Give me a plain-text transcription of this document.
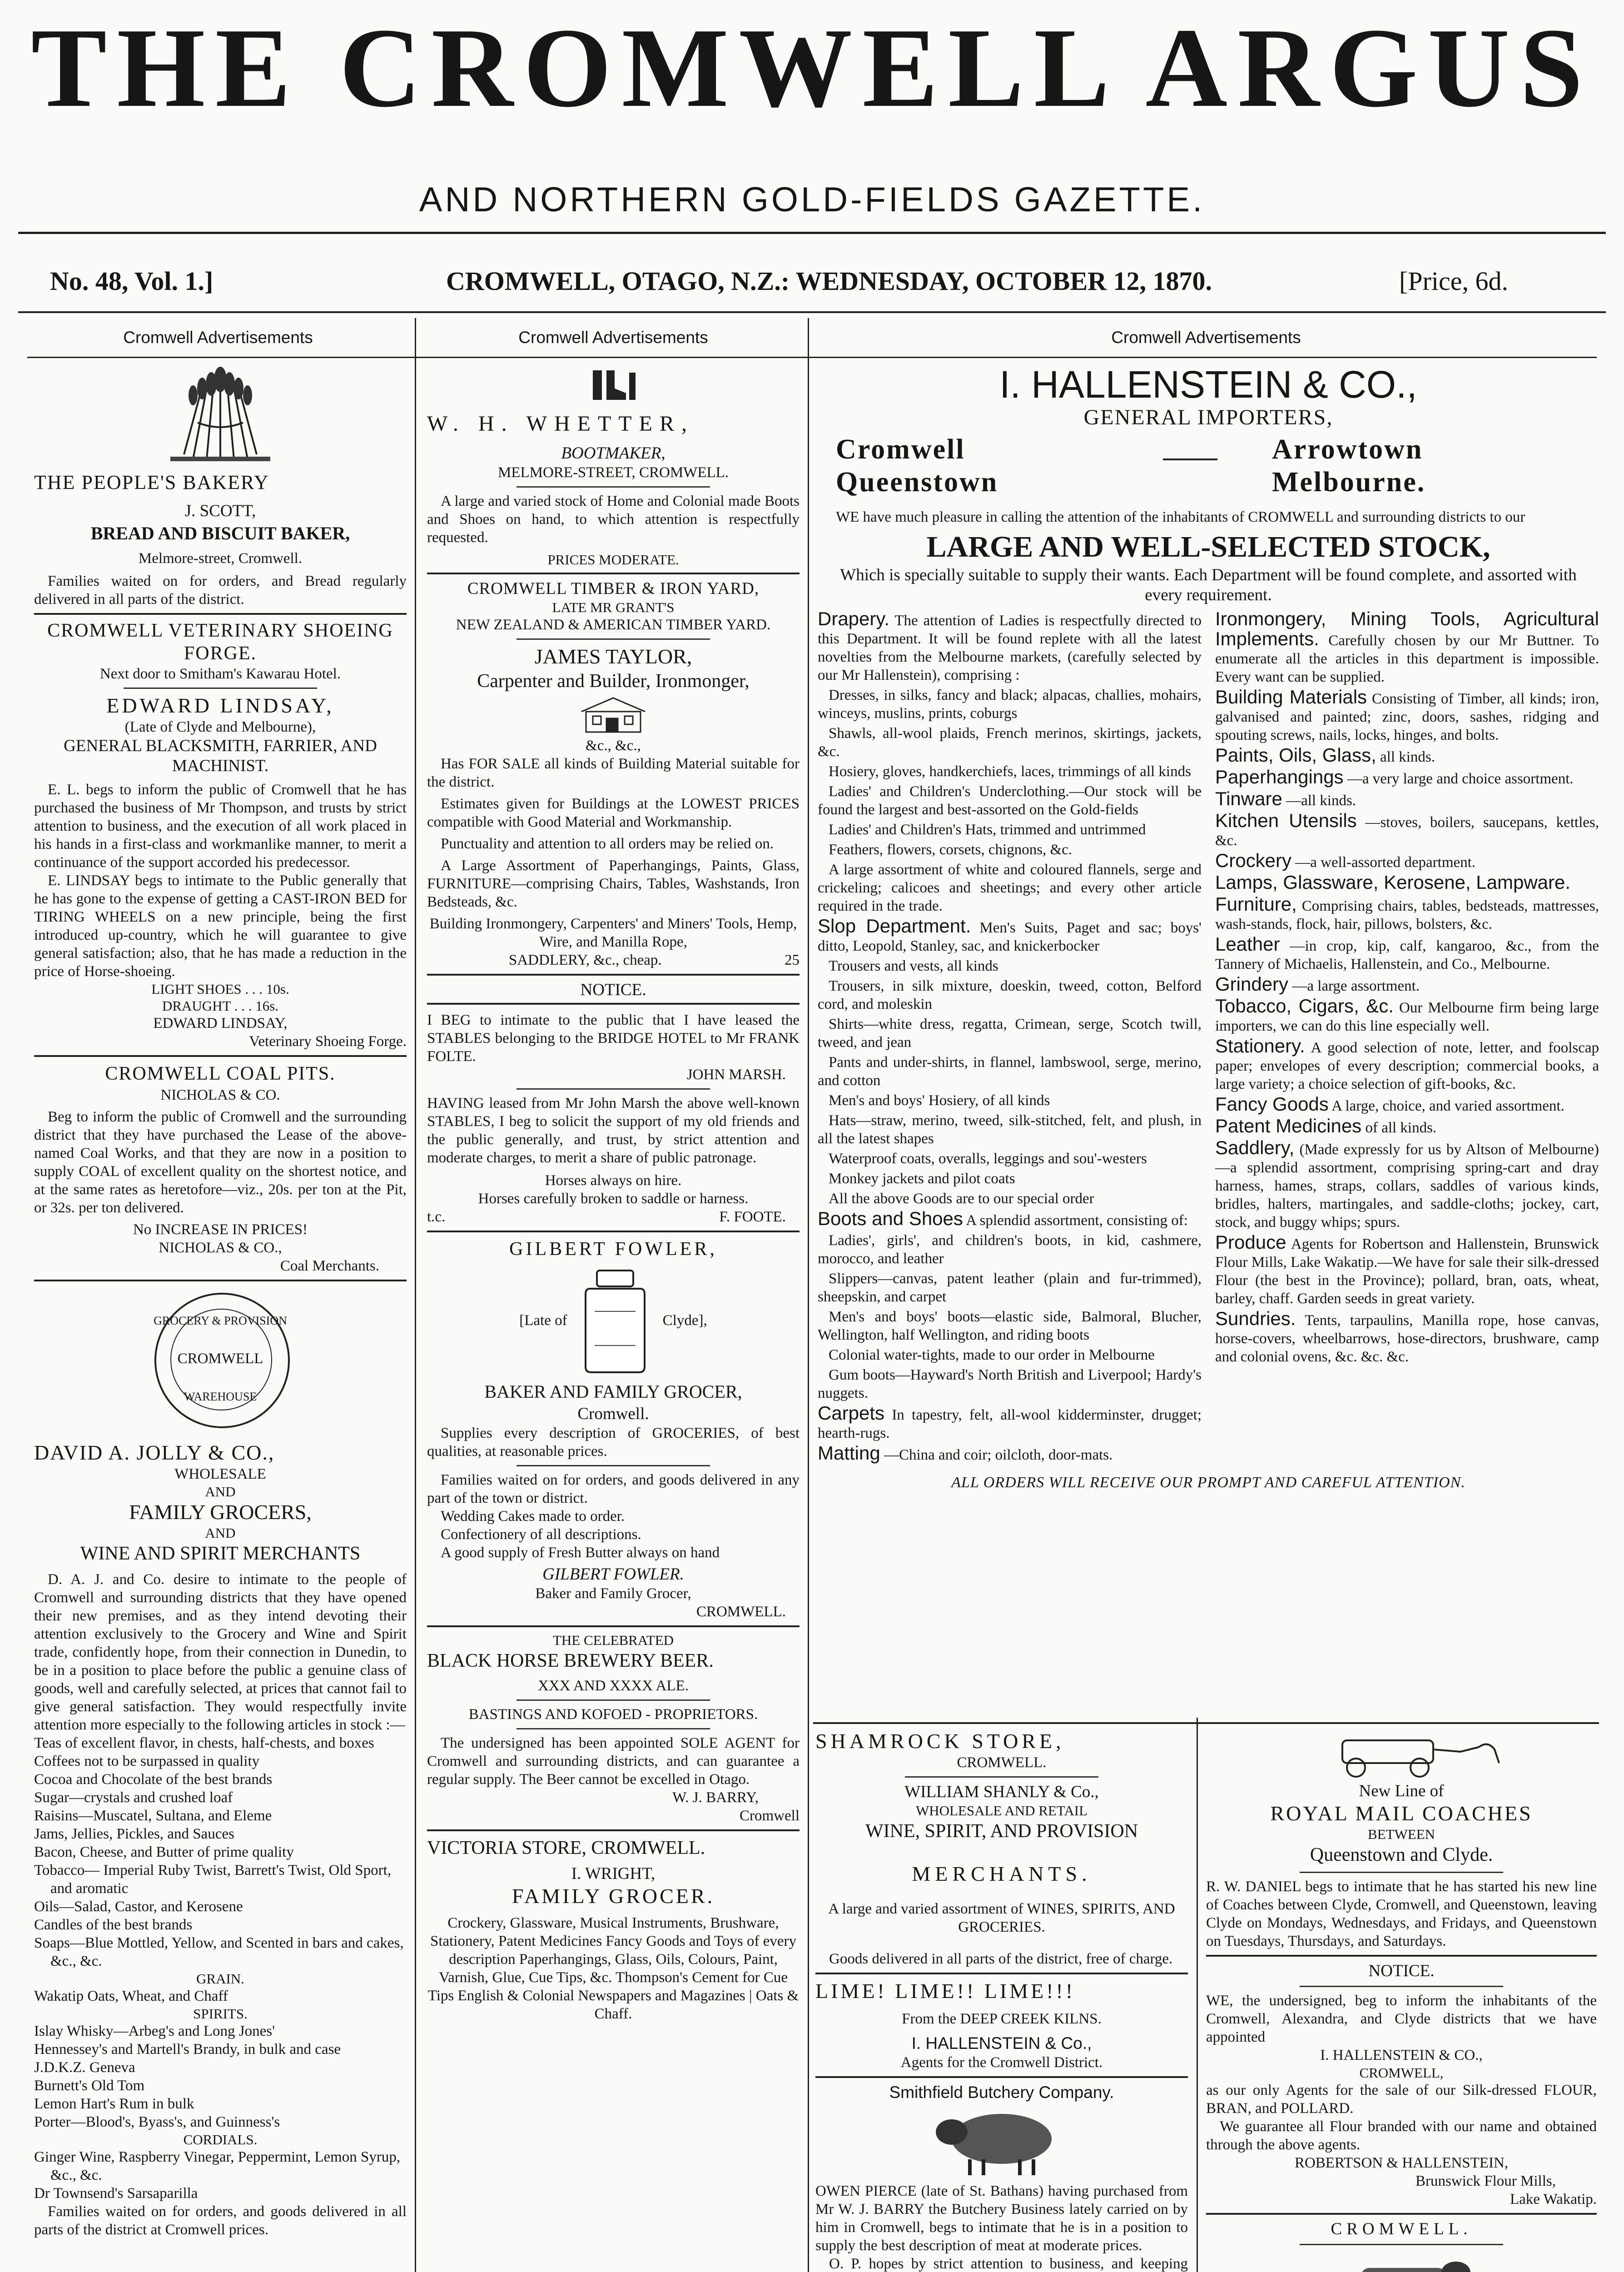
THE CROMWELL ARGUS
AND NORTHERN GOLD-FIELDS GAZETTE.
No. 48, Vol. 1.]	CROMWELL, OTAGO, N.Z.: WEDNESDAY, OCTOBER 12, 1870.	[Price, 6d.
Cromwell Advertisements	Cromwell Advertisements	Cromwell Advertisements
THE PEOPLE'S BAKERY
J. SCOTT,
BREAD AND BISCUIT BAKER,
Melmore-street, Cromwell.
Families waited on for orders, and Bread regularly delivered in all parts of the district.
CROMWELL VETERINARY SHOEING FORGE.
Next door to Smitham's Kawarau Hotel.
EDWARD LINDSAY,
(Late of Clyde and Melbourne),
GENERAL BLACKSMITH, FARRIER, AND MACHINIST.
E. L. begs to inform the public of Cromwell that he has purchased the business of Mr Thompson, and trusts by strict attention to business, and the execution of all work placed in his hands in a first-class and workmanlike manner, to merit a continuance of the support accorded his predecessor.
E. LINDSAY begs to intimate to the Public generally that he has gone to the expense of getting a CAST-IRON BED for TIRING WHEELS on a new principle, being the first introduced up-country, which he will guarantee to give general satisfaction; also, that he has made a reduction in the price of Horse-shoeing.
LIGHT SHOES . . . 10s.
DRAUGHT . . . 16s.
EDWARD LINDSAY,
Veterinary Shoeing Forge.
CROMWELL COAL PITS.
NICHOLAS & CO.
Beg to inform the public of Cromwell and the surrounding district that they have purchased the Lease of the above-named Coal Works, and that they are now in a position to supply COAL of excellent quality on the shortest notice, and at the same rates as heretofore—viz., 20s. per ton at the Pit, or 32s. per ton delivered.
No INCREASE IN PRICES!
NICHOLAS & CO.,
Coal Merchants.
GROCERY & PROVISION
CROMWELL
WAREHOUSE
DAVID A. JOLLY & CO.,
WHOLESALE
AND
FAMILY GROCERS,
AND
WINE AND SPIRIT MERCHANTS
D. A. J. and Co. desire to intimate to the people of Cromwell and surrounding districts that they have opened their new premises, and as they intend devoting their attention exclusively to the Grocery and Wine and Spirit trade, confidently hope, from their connection in Dunedin, to be in a position to place before the public a genuine class of goods, well and carefully selected, at prices that cannot fail to give general satisfaction. They would respectfully invite attention more especially to the following articles in stock :—
Teas of excellent flavor, in chests, half-chests, and boxes
Coffees not to be surpassed in quality
Cocoa and Chocolate of the best brands
Sugar—crystals and crushed loaf
Raisins—Muscatel, Sultana, and Eleme
Jams, Jellies, Pickles, and Sauces
Bacon, Cheese, and Butter of prime quality
Tobacco— Imperial Ruby Twist, Barrett's Twist, Old Sport, and aromatic
Oils—Salad, Castor, and Kerosene
Candles of the best brands
Soaps—Blue Mottled, Yellow, and Scented in bars and cakes, &c., &c.
GRAIN.
Wakatip Oats, Wheat, and Chaff
SPIRITS.
Islay Whisky—Arbeg's and Long Jones'
Hennessey's and Martell's Brandy, in bulk and case
J.D.K.Z. Geneva
Burnett's Old Tom
Lemon Hart's Rum in bulk
Porter—Blood's, Byass's, and Guinness's
CORDIALS.
Ginger Wine, Raspberry Vinegar, Peppermint, Lemon Syrup, &c., &c.
Dr Townsend's Sarsaparilla
Families waited on for orders, and goods delivered in all parts of the district at Cromwell prices.
W. H. WHETTER,
BOOTMAKER,
MELMORE-STREET, CROMWELL.
A large and varied stock of Home and Colonial made Boots and Shoes on hand, to which attention is respectfully requested.
PRICES MODERATE.
CROMWELL TIMBER & IRON YARD,
LATE MR GRANT'S
NEW ZEALAND & AMERICAN TIMBER YARD.
JAMES TAYLOR,
Carpenter and Builder, Ironmonger,
&c., &c.,
Has FOR SALE all kinds of Building Material suitable for the district.
Estimates given for Buildings at the LOWEST PRICES compatible with Good Material and Workmanship.
Punctuality and attention to all orders may be relied on.
A Large Assortment of Paperhangings, Paints, Glass, FURNITURE—comprising Chairs, Tables, Washstands, Iron Bedsteads, &c.
Building Ironmongery, Carpenters' and Miners' Tools, Hemp, Wire, and Manilla Rope,
SADDLERY, &c., cheap.	25
NOTICE.
I BEG to intimate to the public that I have leased the STABLES belonging to the BRIDGE HOTEL to Mr FRANK FOLTE.
JOHN MARSH.
HAVING leased from Mr John Marsh the above well-known STABLES, I beg to solicit the support of my old friends and the public generally, and trust, by strict attention and moderate charges, to merit a share of public patronage.
Horses always on hire.
Horses carefully broken to saddle or harness.
t.c.	F. FOOTE.
GILBERT FOWLER,
[Late of	Clyde],
BAKER AND FAMILY GROCER,
Cromwell.
Supplies every description of GROCERIES, of best qualities, at reasonable prices.
Families waited on for orders, and goods delivered in any part of the town or district.
Wedding Cakes made to order.
Confectionery of all descriptions.
A good supply of Fresh Butter always on hand
GILBERT FOWLER.
Baker and Family Grocer,
CROMWELL.
THE CELEBRATED
BLACK HORSE BREWERY BEER.
XXX AND XXXX ALE.
BASTINGS AND KOFOED - PROPRIETORS.
The undersigned has been appointed SOLE AGENT for Cromwell and surrounding districts, and can guarantee a regular supply. The Beer cannot be excelled in Otago.
W. J. BARRY,
Cromwell
VICTORIA STORE, CROMWELL.
I. WRIGHT,
FAMILY GROCER.
Crockery, Glassware, Musical Instruments, Brushware, Stationery, Patent Medicines Fancy Goods and Toys of every description Paperhangings, Glass, Oils, Colours, Paint, Varnish, Glue, Cue Tips, &c. Thompson's Cement for Cue Tips English & Colonial Newspapers and Magazines | Oats & Chaff.
I. HALLENSTEIN & CO.,
GENERAL IMPORTERS,
Cromwell
Queenstown
Arrowtown
Melbourne.
WE have much pleasure in calling the attention of the inhabitants of CROMWELL and surrounding districts to our
LARGE AND WELL-SELECTED STOCK,
Which is specially suitable to supply their wants. Each Department will be found complete, and assorted with every requirement.
Drapery. The attention of Ladies is respectfully directed to this Department. It will be found replete with all the latest novelties from the Melbourne markets, (carefully selected by our Mr Hallenstein), comprising :
Dresses, in silks, fancy and black; alpacas, challies, mohairs, winceys, muslins, prints, coburgs
Shawls, all-wool plaids, French merinos, skirtings, jackets, &c.
Hosiery, gloves, handkerchiefs, laces, trimmings of all kinds
Ladies' and Children's Underclothing.—Our stock will be found the largest and best-assorted on the Gold-fields
Ladies' and Children's Hats, trimmed and untrimmed
Feathers, flowers, corsets, chignons, &c.
A large assortment of white and coloured flannels, serge and crickeling; calicoes and sheetings; and every other article required in the trade.
Slop Department. Men's Suits, Paget and sac; boys' ditto, Leopold, Stanley, sac, and knickerbocker
Trousers and vests, all kinds
Trousers, in silk mixture, doeskin, tweed, cotton, Belford cord, and moleskin
Shirts—white dress, regatta, Crimean, serge, Scotch twill, tweed, and jean
Pants and under-shirts, in flannel, lambswool, serge, merino, and cotton
Men's and boys' Hosiery, of all kinds
Hats—straw, merino, tweed, silk-stitched, felt, and plush, in all the latest shapes
Waterproof coats, overalls, leggings and sou'-westers
Monkey jackets and pilot coats
All the above Goods are to our special order
Boots and Shoes A splendid assortment, consisting of:
Ladies', girls', and children's boots, in kid, cashmere, morocco, and leather
Slippers—canvas, patent leather (plain and fur-trimmed), sheepskin, and carpet
Men's and boys' boots—elastic side, Balmoral, Blucher, Wellington, half Wellington, and riding boots
Colonial water-tights, made to our order in Melbourne
Gum boots—Hayward's North British and Liverpool; Hardy's nuggets.
Carpets In tapestry, felt, all-wool kidderminster, drugget; hearth-rugs.
Matting —China and coir; oilcloth, door-mats.
Ironmongery, Mining Tools, Agricultural Implements. Carefully chosen by our Mr Buttner. To enumerate all the articles in this department is impossible. Every want can be supplied.
Building Materials Consisting of Timber, all kinds; iron, galvanised and painted; zinc, doors, sashes, ridging and spouting screws, nails, locks, hinges, and bolts.
Paints, Oils, Glass, all kinds.
Paperhangings —a very large and choice assortment.
Tinware —all kinds.
Kitchen Utensils —stoves, boilers, saucepans, kettles, &c.
Crockery —a well-assorted department.
Lamps, Glassware, Kerosene, Lampware.
Furniture, Comprising chairs, tables, bedsteads, mattresses, wash-stands, flock, hair, pillows, bolsters, &c.
Leather —in crop, kip, calf, kangaroo, &c., from the Tannery of Michaelis, Hallenstein, and Co., Melbourne.
Grindery —a large assortment.
Tobacco, Cigars, &c. Our Melbourne firm being large importers, we can do this line especially well.
Stationery. A good selection of note, letter, and foolscap paper; envelopes of every description; commercial books, a large variety; a choice selection of gift-books, &c.
Fancy Goods A large, choice, and varied assortment.
Patent Medicines of all kinds.
Saddlery, (Made expressly for us by Altson of Melbourne)—a splendid assortment, comprising spring-cart and dray harness, hames, straps, collars, saddles of various kinds, bridles, halters, martingales, and saddle-cloths; jockey, cart, stock, and buggy whips; spurs.
Produce Agents for Robertson and Hallenstein, Brunswick Flour Mills, Lake Wakatip.—We have for sale their silk-dressed Flour (the best in the Province); pollard, bran, oats, wheat, barley, chaff. Garden seeds in great variety.
Sundries. Tents, tarpaulins, Manilla rope, hose canvas, horse-covers, wheelbarrows, hose-directors, brushware, camp and colonial ovens, &c. &c. &c.
ALL ORDERS WILL RECEIVE OUR PROMPT AND CAREFUL ATTENTION.
SHAMROCK STORE,
CROMWELL.
WILLIAM SHANLY & Co.,
WHOLESALE AND RETAIL
WINE, SPIRIT, AND PROVISION
MERCHANTS.
A large and varied assortment of WINES, SPIRITS, AND GROCERIES.
Goods delivered in all parts of the district, free of charge.
LIME! LIME!! LIME!!!
From the DEEP CREEK KILNS.
I. HALLENSTEIN & Co.,
Agents for the Cromwell District.
Smithfield Butchery Company.
OWEN PIERCE (late of St. Bathans) having purchased from Mr W. J. BARRY the Butchery Business lately carried on by him in Cromwell, begs to intimate that he is in a position to supply the best description of meat at moderate prices.
O. P. hopes by strict attention to business, and keeping
New Line of
ROYAL MAIL COACHES
BETWEEN
Queenstown and Clyde.
R. W. DANIEL begs to intimate that he has started his new line of Coaches between Clyde, Cromwell, and Queenstown, leaving Clyde on Mondays, Wednesdays, and Fridays, and Queenstown on Tuesdays, Thursdays, and Saturdays.
NOTICE.
WE, the undersigned, beg to inform the inhabitants of the Cromwell, Alexandra, and Clyde districts that we have appointed
I. HALLENSTEIN & CO.,
CROMWELL,
as our only Agents for the sale of our Silk-dressed FLOUR, BRAN, and POLLARD.
We guarantee all Flour branded with our name and obtained through the above agents.
ROBERTSON & HALLENSTEIN,
Brunswick Flour Mills,
Lake Wakatip.
CROMWELL.
